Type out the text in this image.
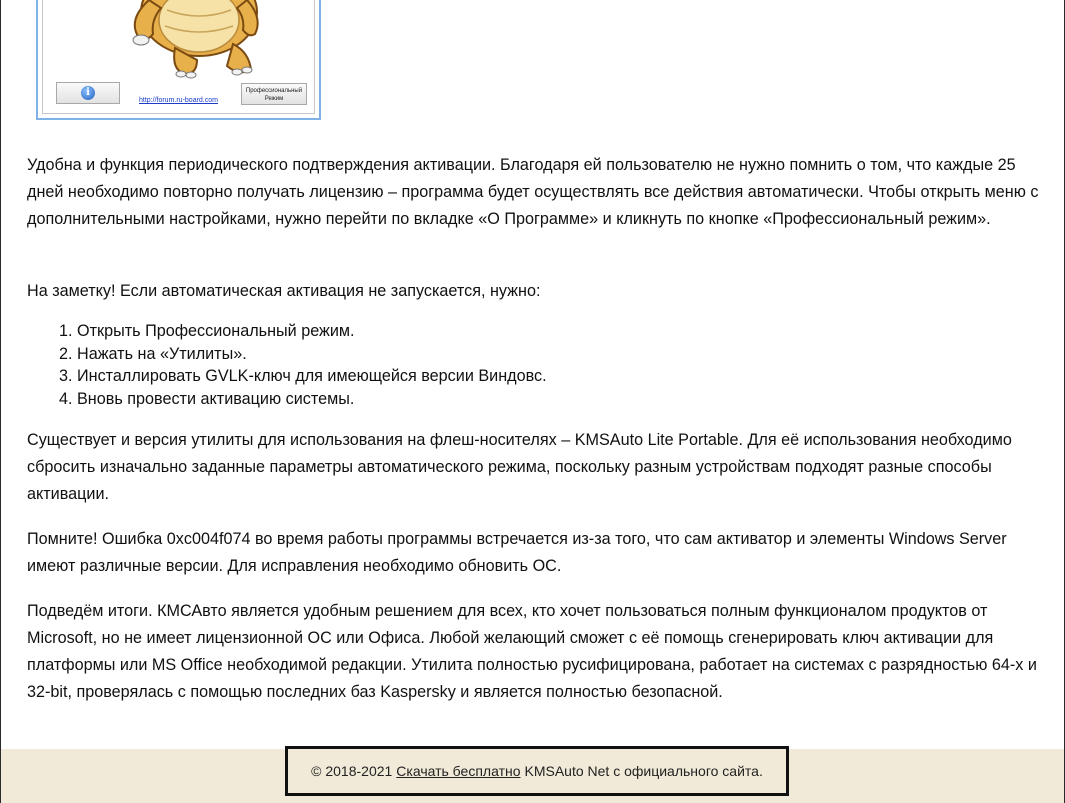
i
http://forum.ru-board.com
Профессиональный
Режим

Удобна и функция периодического подтверждения активации. Благодаря ей пользователю не нужно помнить о том, что каждые 25 дней необходимо повторно получать лицензию – программа будет осуществлять все действия автоматически. Чтобы открыть меню с дополнительными настройками, нужно перейти по вкладке «О Программе» и кликнуть по кнопке «Профессиональный режим».

На заметку! Если автоматическая активация не запускается, нужно:

1. Открыть Профессиональный режим.
2. Нажать на «Утилиты».
3. Инсталлировать GVLK-ключ для имеющейся версии Виндовс.
4. Вновь провести активацию системы.

Существует и версия утилиты для использования на флеш-носителях – KMSAuto Lite Portable. Для её использования необходимо сбросить изначально заданные параметры автоматического режима, поскольку разным устройствам подходят разные способы активации.

Помните! Ошибка 0xc004f074 во время работы программы встречается из-за того, что сам активатор и элементы Windows Server имеют различные версии. Для исправления необходимо обновить ОС.

Подведём итоги. КМСАвто является удобным решением для всех, кто хочет пользоваться полным функционалом продуктов от Microsoft, но не имеет лицензионной ОС или Офиса. Любой желающий сможет с её помощь сгенерировать ключ активации для платформы или MS Office необходимой редакции. Утилита полностью русифицирована, работает на системах с разрядностью 64-х и 32-bit, проверялась с помощью последних баз Kaspersky и является полностью безопасной.

© 2018-2021 Скачать бесплатно KMSAuto Net с официального сайта.
